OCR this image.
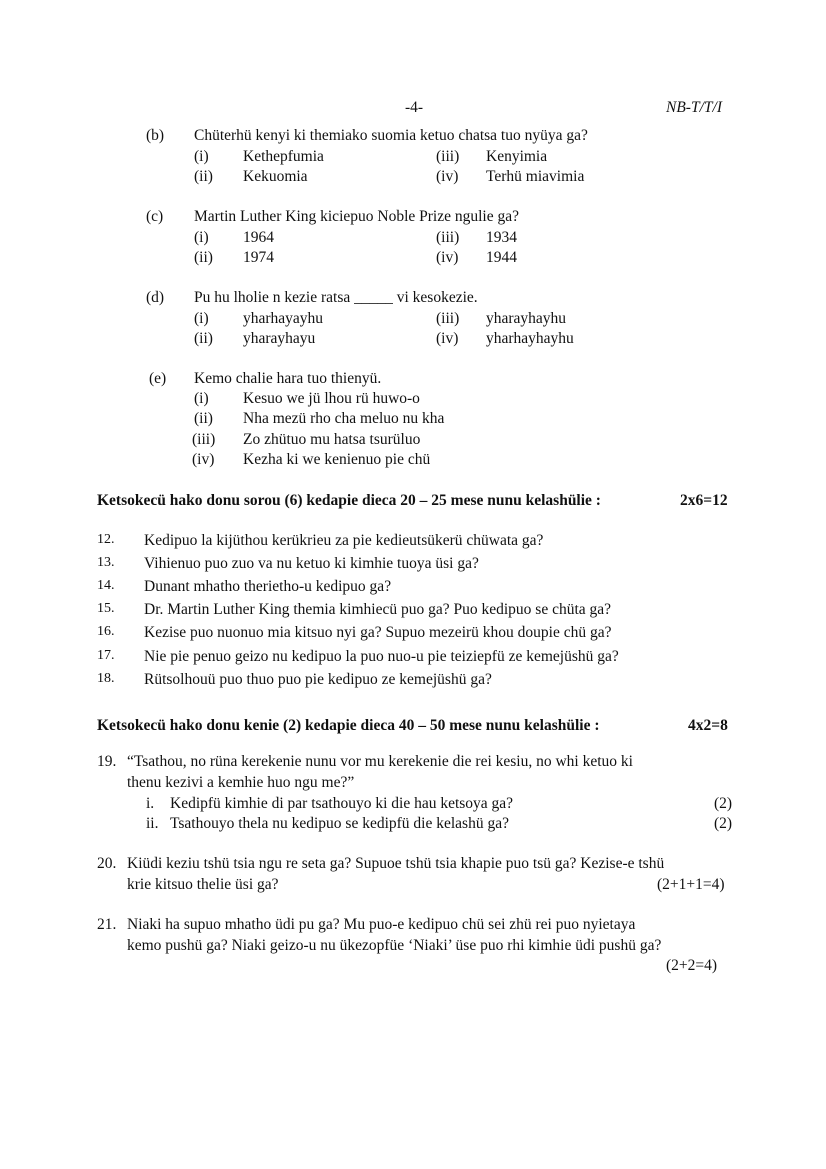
-4-	NB-T/T/I
(b) Chüterhü kenyi ki themiako suomia ketuo chatsa tuo nyüya ga?
(i) Kethepfumia	(iii) Kenyimia
(ii) Kekuomia	(iv) Terhü miavimia
(c) Martin Luther King kiciepuo Noble Prize ngulie ga?
(i) 1964	(iii) 1934
(ii) 1974	(iv) 1944
(d) Pu hu lholie n kezie ratsa _____ vi kesokezie.
(i) yharhayayhu	(iii) yharayhayhu
(ii) yharayhayu	(iv) yharhayhayhu
(e) Kemo chalie hara tuo thienyü.
(i) Kesuo we jü lhou rü huwo-o
(ii) Nha mezü rho cha meluo nu kha
(iii) Zo zhütuo mu hatsa tsurüluo
(iv) Kezha ki we kenienuo pie chü
Ketsokecü hako donu sorou (6) kedapie dieca 20 – 25 mese nunu kelashülie :	2x6=12
12. Kedipuo la kijüthou kerükrieu za pie kedieutsükerü chüwata ga?
13. Vihienuo puo zuo va nu ketuo ki kimhie tuoya üsi ga?
14. Dunant mhatho therietho-u kedipuo ga?
15. Dr. Martin Luther King themia kimhiecü puo ga? Puo kedipuo se chüta ga?
16. Kezise puo nuonuo mia kitsuo nyi ga? Supuo mezeirü khou doupie chü ga?
17. Nie pie penuo geizo nu kedipuo la puo nuo-u pie teiziepfü ze kemejüshü ga?
18. Rütsolhouü puo thuo puo pie kedipuo ze kemejüshü ga?
Ketsokecü hako donu kenie (2) kedapie dieca 40 – 50 mese nunu kelashülie :	4x2=8
19. “Tsathou, no rüna kerekenie nunu vor mu kerekenie die rei kesiu, no whi ketuo ki
thenu kezivi a kemhie huo ngu me?”
i. Kedipfü kimhie di par tsathouyo ki die hau ketsoya ga?	(2)
ii. Tsathouyo thela nu kedipuo se kedipfü die kelashü ga?	(2)
20. Kiüdi keziu tshü tsia ngu re seta ga? Supuoe tshü tsia khapie puo tsü ga? Kezise-e tshü
krie kitsuo thelie üsi ga?	(2+1+1=4)
21. Niaki ha supuo mhatho üdi pu ga? Mu puo-e kedipuo chü sei zhü rei puo nyietaya
kemo pushü ga? Niaki geizo-u nu ükezopfüe ‘Niaki’ üse puo rhi kimhie üdi pushü ga?
(2+2=4)
